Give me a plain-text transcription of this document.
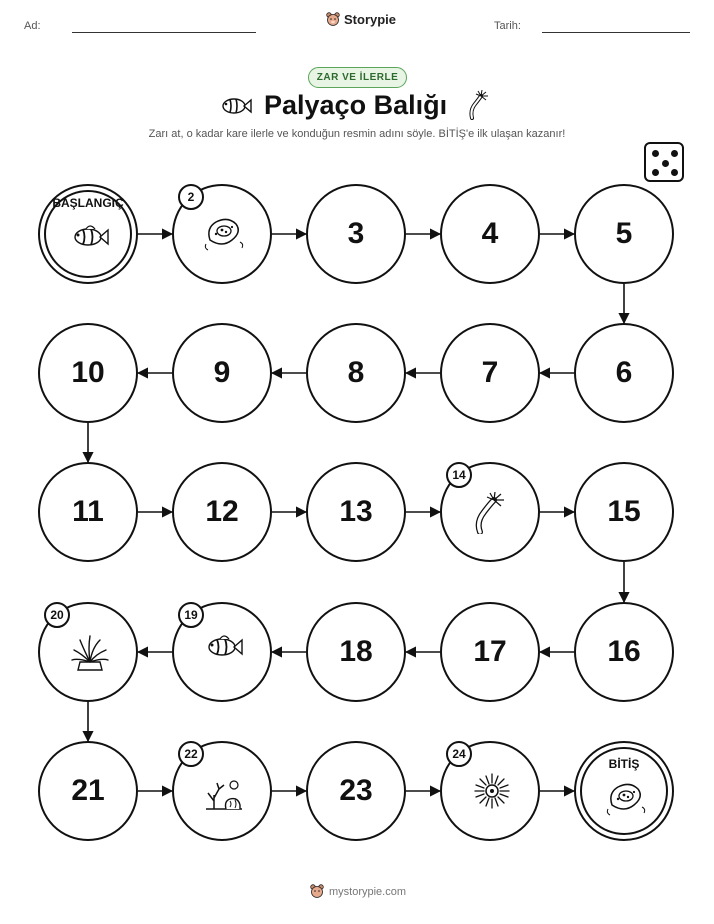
Ad:	Storypie	Tarih:
ZAR VE İLERLE
Palyaço Balığı
Zarı at, o kadar kare ilerle ve konduğun resmin adını söyle. BİTİŞ'e ilk ulaşan kazanır!
BAŞLANGIÇ	2
3	4	5
6
7
8
9
10
11	12	13
14
15
16
17
18
19
20
21
22
23
24
BİTİŞ
mystorypie.com
